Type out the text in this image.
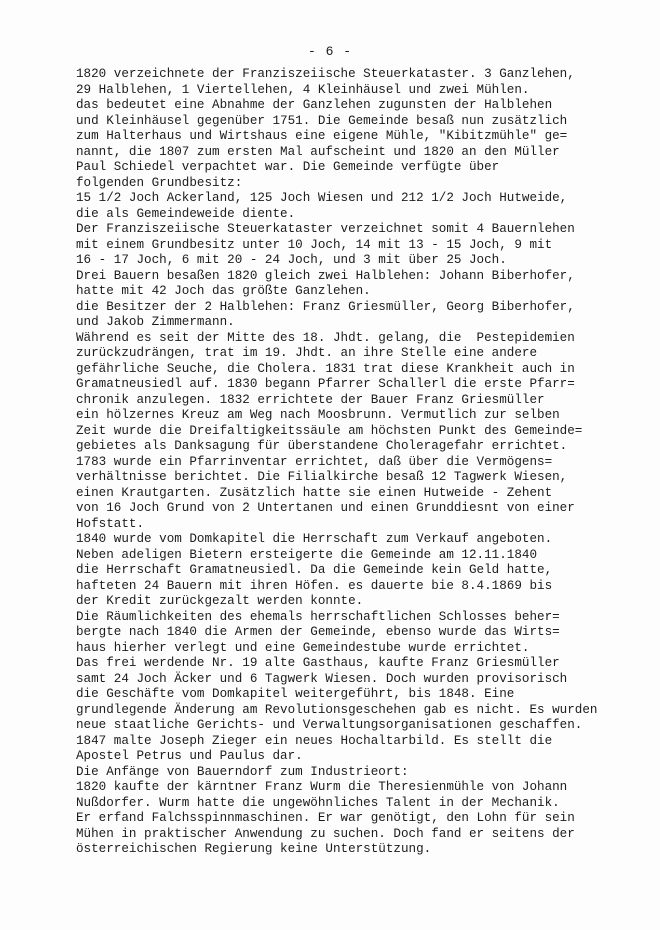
- 6 -
1820 verzeichnete der Franziszeiische Steuerkataster. 3 Ganzlehen,
29 Halblehen, 1 Viertellehen, 4 Kleinhäusel und zwei Mühlen.
das bedeutet eine Abnahme der Ganzlehen zugunsten der Halblehen
und Kleinhäusel gegenüber 1751. Die Gemeinde besaß nun zusätzlich
zum Halterhaus und Wirtshaus eine eigene Mühle, "Kibitzmühle" ge=
nannt, die 1807 zum ersten Mal aufscheint und 1820 an den Müller
Paul Schiedel verpachtet war. Die Gemeinde verfügte über
folgenden Grundbesitz:
15 1/2 Joch Ackerland, 125 Joch Wiesen und 212 1/2 Joch Hutweide,
die als Gemeindeweide diente.
Der Franziszeiische Steuerkataster verzeichnet somit 4 Bauernlehen
mit einem Grundbesitz unter 10 Joch, 14 mit 13 - 15 Joch, 9 mit
16 - 17 Joch, 6 mit 20 - 24 Joch, und 3 mit über 25 Joch.
Drei Bauern besaßen 1820 gleich zwei Halblehen: Johann Biberhofer,
hatte mit 42 Joch das größte Ganzlehen.
die Besitzer der 2 Halblehen: Franz Griesmüller, Georg Biberhofer,
und Jakob Zimmermann.
Während es seit der Mitte des 18. Jhdt. gelang, die  Pestepidemien
zurückzudrängen, trat im 19. Jhdt. an ihre Stelle eine andere
gefährliche Seuche, die Cholera. 1831 trat diese Krankheit auch in
Gramatneusiedl auf. 1830 begann Pfarrer Schallerl die erste Pfarr=
chronik anzulegen. 1832 errichtete der Bauer Franz Griesmüller
ein hölzernes Kreuz am Weg nach Moosbrunn. Vermutlich zur selben
Zeit wurde die Dreifaltigkeitssäule am höchsten Punkt des Gemeinde=
gebietes als Danksagung für überstandene Choleragefahr errichtet.
1783 wurde ein Pfarrinventar errichtet, daß über die Vermögens=
verhältnisse berichtet. Die Filialkirche besaß 12 Tagwerk Wiesen,
einen Krautgarten. Zusätzlich hatte sie einen Hutweide - Zehent
von 16 Joch Grund von 2 Untertanen und einen Grunddiesnt von einer
Hofstatt.
1840 wurde vom Domkapitel die Herrschaft zum Verkauf angeboten.
Neben adeligen Bietern ersteigerte die Gemeinde am 12.11.1840
die Herrschaft Gramatneusiedl. Da die Gemeinde kein Geld hatte,
hafteten 24 Bauern mit ihren Höfen. es dauerte bie 8.4.1869 bis
der Kredit zurückgezalt werden konnte.
Die Räumlichkeiten des ehemals herrschaftlichen Schlosses beher=
bergte nach 1840 die Armen der Gemeinde, ebenso wurde das Wirts=
haus hierher verlegt und eine Gemeindestube wurde errichtet.
Das frei werdende Nr. 19 alte Gasthaus, kaufte Franz Griesmüller
samt 24 Joch Äcker und 6 Tagwerk Wiesen. Doch wurden provisorisch
die Geschäfte vom Domkapitel weitergeführt, bis 1848. Eine
grundlegende Änderung am Revolutionsgeschehen gab es nicht. Es wurden
neue staatliche Gerichts- und Verwaltungsorganisationen geschaffen.
1847 malte Joseph Zieger ein neues Hochaltarbild. Es stellt die
Apostel Petrus und Paulus dar.
Die Anfänge von Bauerndorf zum Industrieort:
1820 kaufte der kärntner Franz Wurm die Theresienmühle von Johann
Nußdorfer. Wurm hatte die ungewöhnliches Talent in der Mechanik.
Er erfand Falchsspinnmaschinen. Er war genötigt, den Lohn für sein
Mühen in praktischer Anwendung zu suchen. Doch fand er seitens der
österreichischen Regierung keine Unterstützung.
